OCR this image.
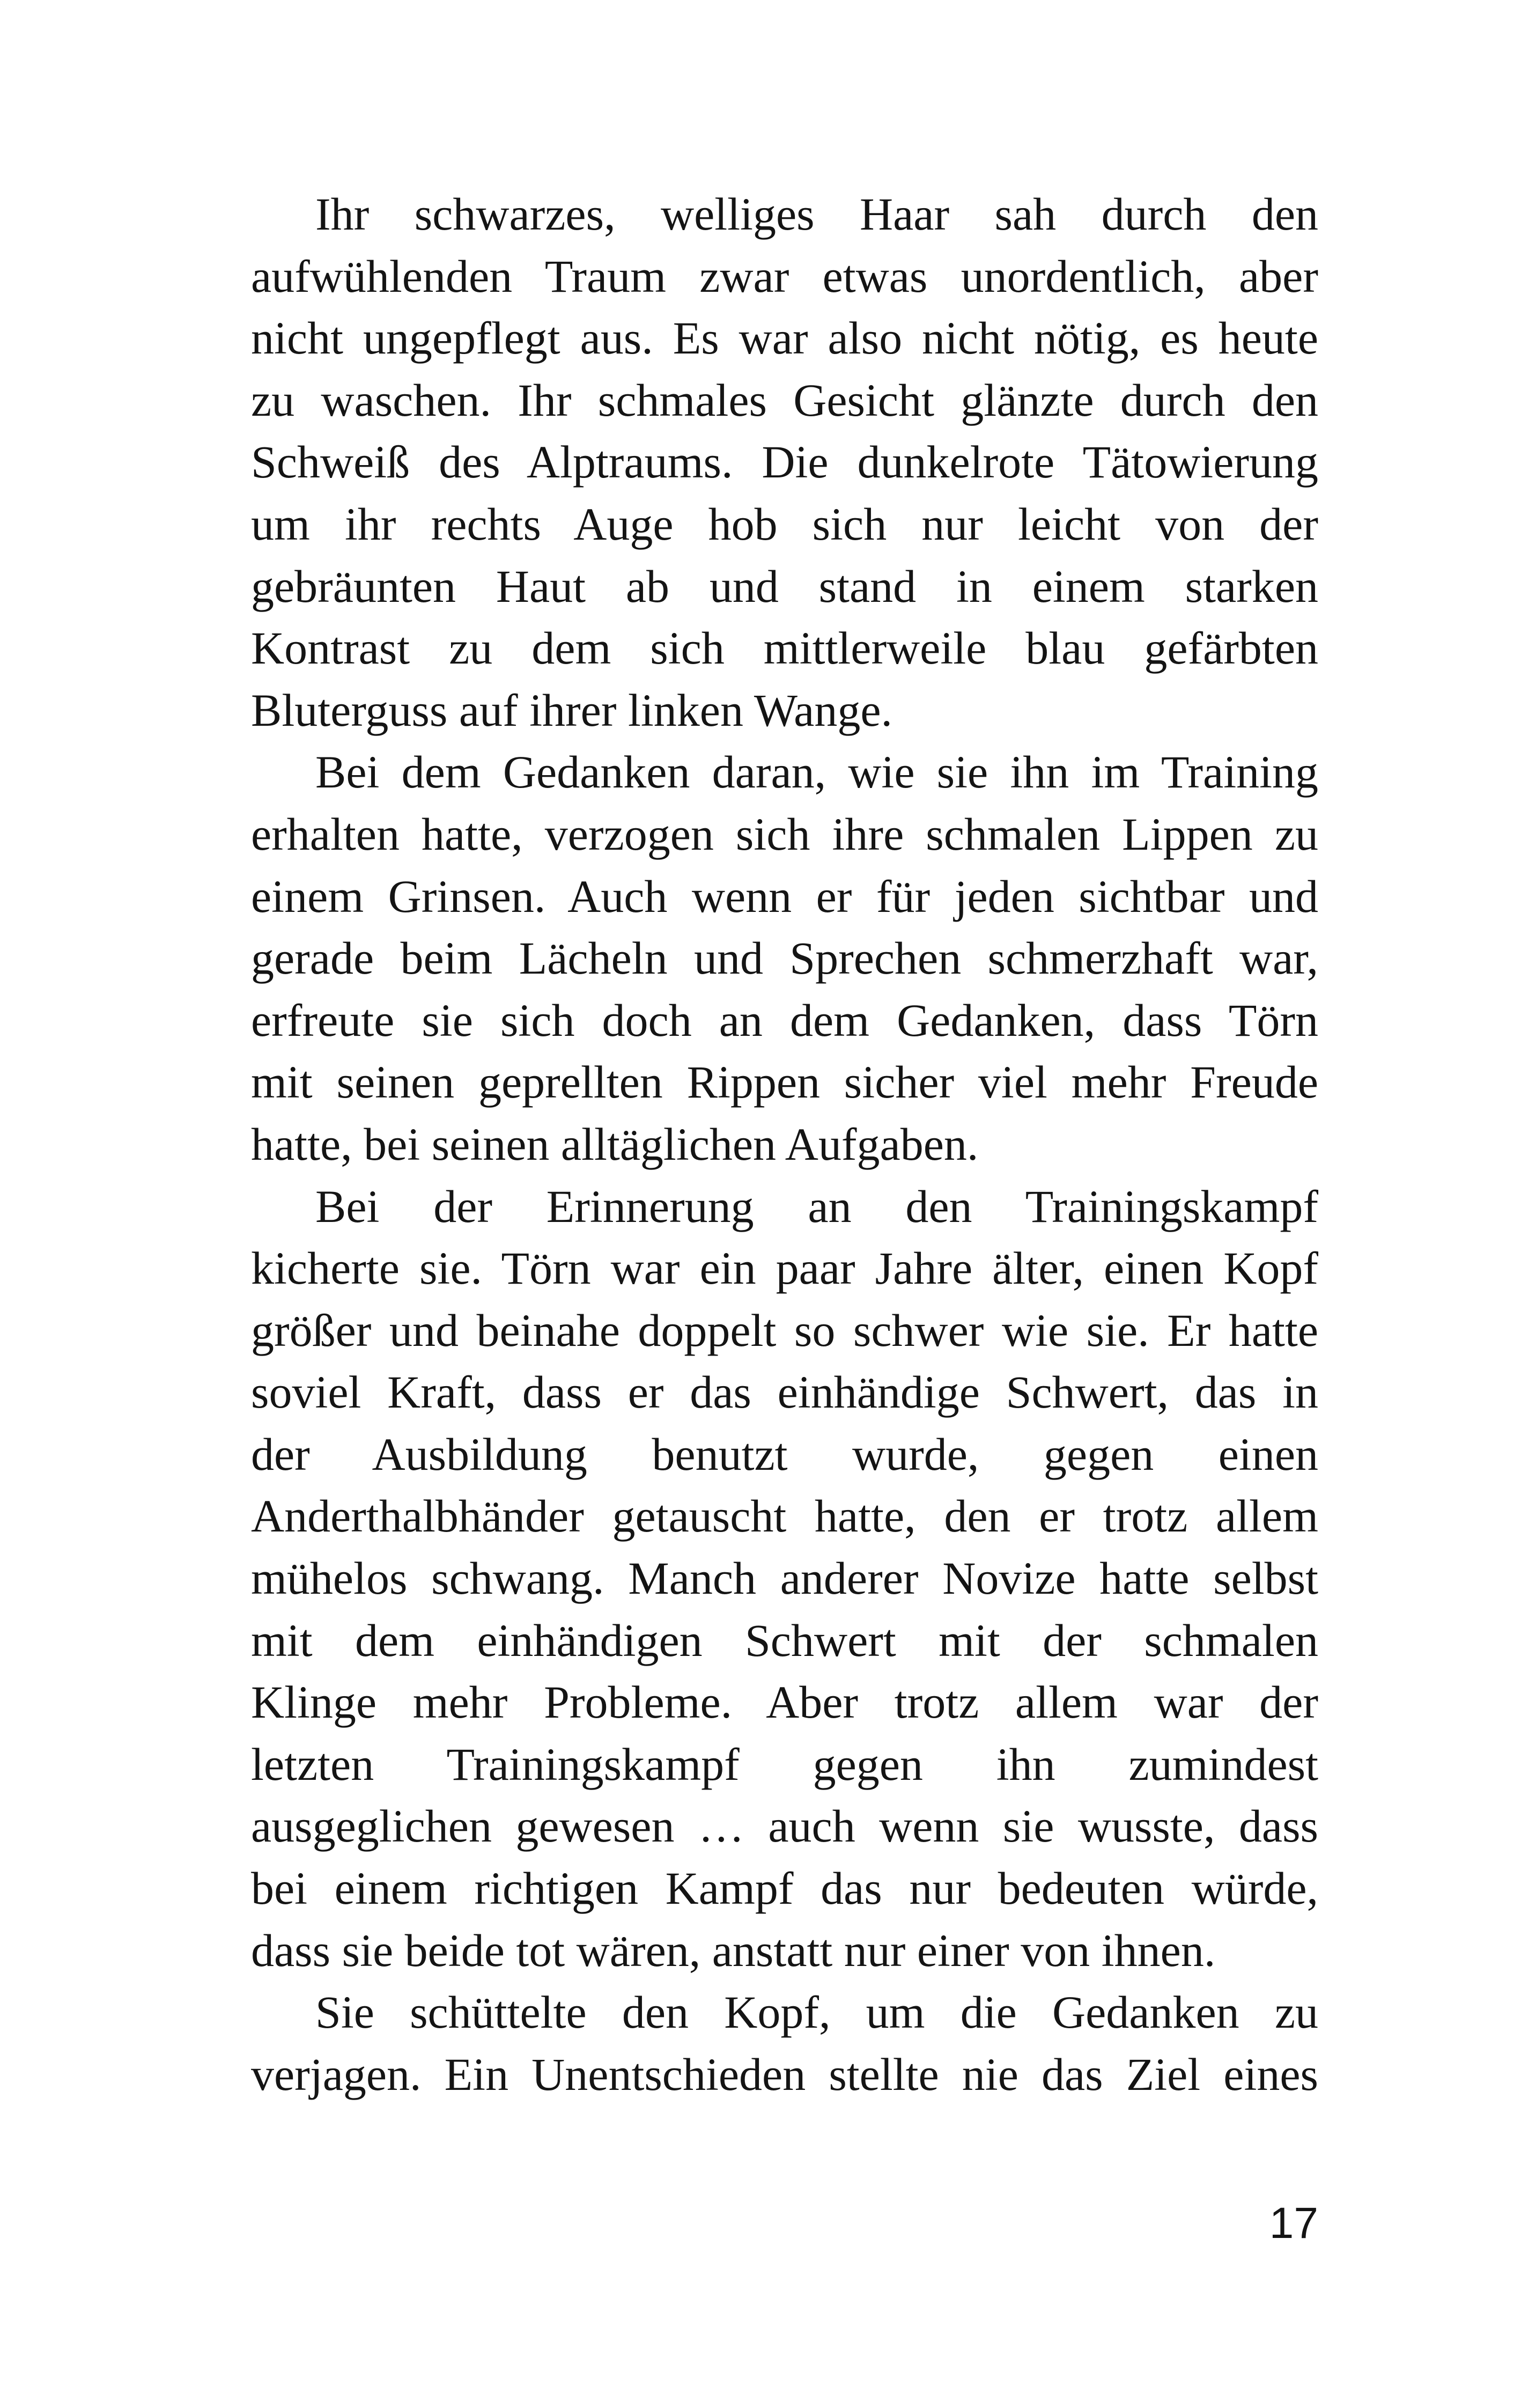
Ihr schwarzes, welliges Haar sah durch den
aufwühlenden Traum zwar etwas unordentlich, aber
nicht ungepflegt aus. Es war also nicht nötig, es heute
zu waschen. Ihr schmales Gesicht glänzte durch den
Schweiß des Alptraums. Die dunkelrote Tätowierung
um ihr rechts Auge hob sich nur leicht von der
gebräunten Haut ab und stand in einem starken
Kontrast zu dem sich mittlerweile blau gefärbten
Bluterguss auf ihrer linken Wange.
Bei dem Gedanken daran, wie sie ihn im Training
erhalten hatte, verzogen sich ihre schmalen Lippen zu
einem Grinsen. Auch wenn er für jeden sichtbar und
gerade beim Lächeln und Sprechen schmerzhaft war,
erfreute sie sich doch an dem Gedanken, dass Törn
mit seinen geprellten Rippen sicher viel mehr Freude
hatte, bei seinen alltäglichen Aufgaben.
Bei der Erinnerung an den Trainingskampf
kicherte sie. Törn war ein paar Jahre älter, einen Kopf
größer und beinahe doppelt so schwer wie sie. Er hatte
soviel Kraft, dass er das einhändige Schwert, das in
der Ausbildung benutzt wurde, gegen einen
Anderthalbhänder getauscht hatte, den er trotz allem
mühelos schwang. Manch anderer Novize hatte selbst
mit dem einhändigen Schwert mit der schmalen
Klinge mehr Probleme. Aber trotz allem war der
letzten Trainingskampf gegen ihn zumindest
ausgeglichen gewesen … auch wenn sie wusste, dass
bei einem richtigen Kampf das nur bedeuten würde,
dass sie beide tot wären, anstatt nur einer von ihnen.
Sie schüttelte den Kopf, um die Gedanken zu
verjagen. Ein Unentschieden stellte nie das Ziel eines
17
